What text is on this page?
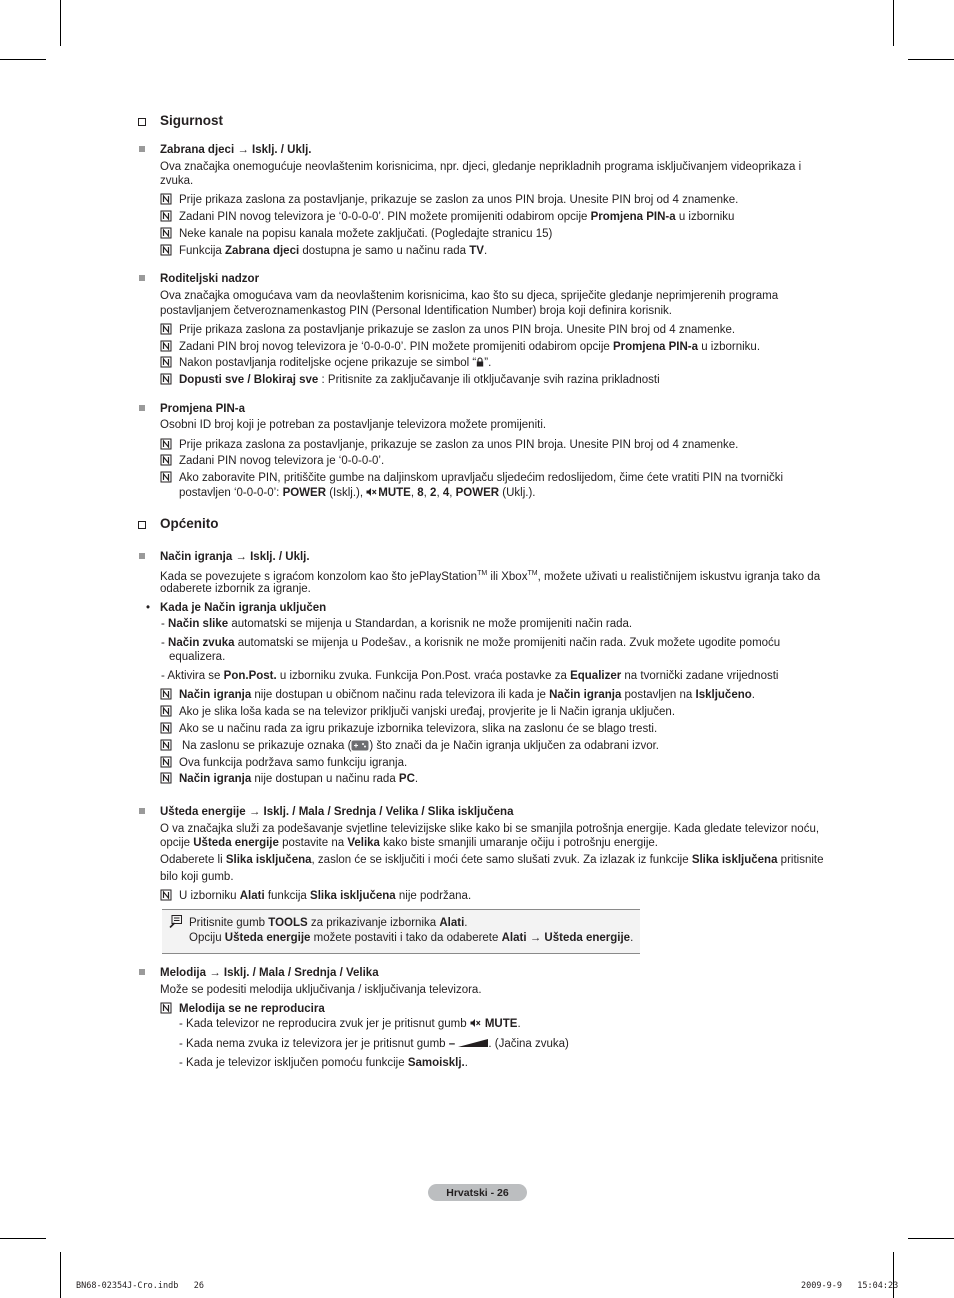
Sigurnost
Zabrana djeci → Isklj. / Uklj.
Ova značajka onemogućuje neovlaštenim korisnicima, npr. djeci, gledanje neprikladnih programa isključivanjem videoprikaza i
zvuka.
Prije prikaza zaslona za postavljanje, prikazuje se zaslon za unos PIN broja. Unesite PIN broj od 4 znamenke.
Zadani PIN novog televizora je ‘0-0-0-0’. PIN možete promijeniti odabirom opcije Promjena PIN-a u izborniku
Neke kanale na popisu kanala možete zaključati. (Pogledajte stranicu 15)
Funkcija Zabrana djeci dostupna je samo u načinu rada TV.
Roditeljski nadzor
Ova značajka omogućava vam da neovlaštenim korisnicima, kao što su djeca, spriječite gledanje neprimjerenih programa
postavljanjem četveroznamenkastog PIN (Personal Identification Number) broja koji definira korisnik.
Prije prikaza zaslona za postavljanje prikazuje se zaslon za unos PIN broja. Unesite PIN broj od 4 znamenke.
Zadani PIN broj novog televizora je ‘0-0-0-0’. PIN možete promijeniti odabirom opcije Promjena PIN-a u izborniku.
Nakon postavljanja roditeljske ocjene prikazuje se simbol “ ”.
Dopusti sve / Blokiraj sve : Pritisnite za zaključavanje ili otključavanje svih razina prikladnosti
Promjena PIN-a
Osobni ID broj koji je potreban za postavljanje televizora možete promijeniti.
Prije prikaza zaslona za postavljanje, prikazuje se zaslon za unos PIN broja. Unesite PIN broj od 4 znamenke.
Zadani PIN novog televizora je ‘0-0-0-0’.
Ako zaboravite PIN, pritiščite gumbe na daljinskom upravljaču sljedećim redoslijedom, čime ćete vratiti PIN na tvornički
postavljen ‘0-0-0-0’: POWER (Isklj.), MUTE, 8, 2, 4, POWER (Uklj.).
Općenito
Način igranja → Isklj. / Uklj.
Kada se povezujete s igraćom konzolom kao što jePlayStation™ ili Xbox™, možete uživati u realističnijem iskustvu igranja tako da
odaberete izbornik za igranje.
• Kada je Način igranja uključen
- Način slike automatski se mijenja u Standardan, a korisnik ne može promijeniti način rada.
- Način zvuka automatski se mijenja u Podešav., a korisnik ne može promijeniti način rada. Zvuk možete ugodite pomoću
equalizera.
- Aktivira se Pon.Post. u izborniku zvuka. Funkcija Pon.Post. vraća postavke za Equalizer na tvornički zadane vrijednosti
Način igranja nije dostupan u običnom načinu rada televizora ili kada je Način igranja postavljen na Isključeno.
Ako je slika loša kada se na televizor priključi vanjski uređaj, provjerite je li Način igranja uključen.
Ako se u načinu rada za igru prikazuje izbornika televizora, slika na zaslonu će se blago tresti.
Na zaslonu se prikazuje oznaka ( ) što znači da je Način igranja uključen za odabrani izvor.
Ova funkcija podržava samo funkciju igranja.
Način igranja nije dostupan u načinu rada PC.
Ušteda energije → Isklj. / Mala / Srednja / Velika / Slika isključena
O va značajka služi za podešavanje svjetline televizijske slike kako bi se smanjila potrošnja energije. Kada gledate televizor noću,
opcije Ušteda energije postavite na Velika kako biste smanjili umaranje očiju i potrošnju energije.
Odaberete li Slika isključena, zaslon će se isključiti i moći ćete samo slušati zvuk. Za izlazak iz funkcije Slika isključena pritisnite
bilo koji gumb.
U izborniku Alati funkcija Slika isključena nije podržana.
Pritisnite gumb TOOLS za prikazivanje izbornika Alati.
Opciju Ušteda energije možete postaviti i tako da odaberete Alati → Ušteda energije.
Melodija → Isklj. / Mala / Srednja / Velika
Može se podesiti melodija uključivanja / isključivanja televizora.
Melodija se ne reproducira
- Kada televizor ne reproducira zvuk jer je pritisnut gumb MUTE.
- Kada nema zvuka iz televizora jer je pritisnut gumb –	. (Jačina zvuka)
- Kada je televizor isključen pomoću funkcije Samoisklj..
Hrvatski - 26
BN68-02354J-Cro.indb   26	2009-9-9   15:04:23
